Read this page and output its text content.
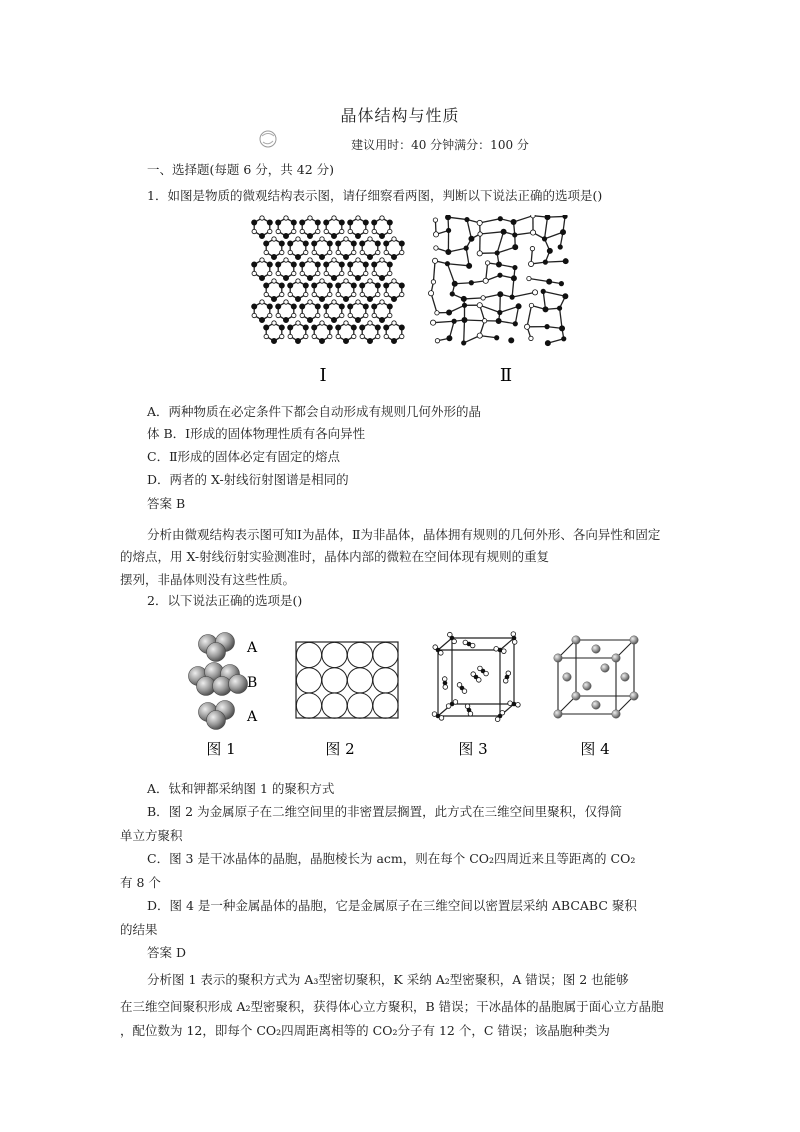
晶体结构与性质
建议用时：40 分钟满分：100 分
一、选择题(每题 6 分，共 42 分)
1．如图是物质的微观结构表示图，请仔细察看两图，判断以下说法正确的选项是()
Ⅰ	Ⅱ
A．两种物质在必定条件下都会自动形成有规则几何外形的晶
体 B．Ⅰ形成的固体物理性质有各向异性
C．Ⅱ形成的固体必定有固定的熔点
D．两者的 X-射线衍射图谱是相同的
答案 B
分析由微观结构表示图可知Ⅰ为晶体，Ⅱ为非晶体，晶体拥有规则的几何外形、各向异性和固定
的熔点，用 X-射线衍射实验测准时，晶体内部的微粒在空间体现有规则的重复
摆列，非晶体则没有这些性质。
2．以下说法正确的选项是()
A
B
A
图 1	图 2	图 3	图 4
A．钛和钾都采纳图 1 的聚积方式
B．图 2 为金属原子在二维空间里的非密置层搁置，此方式在三维空间里聚积，仅得简
单立方聚积
C．图 3 是干冰晶体的晶胞，晶胞棱长为 acm，则在每个 CO₂四周近来且等距离的 CO₂
有 8 个
D．图 4 是一种金属晶体的晶胞，它是金属原子在三维空间以密置层采纳 ABCABC 聚积
的结果
答案 D
分析图 1 表示的聚积方式为 A₃型密切聚积，K 采纳 A₂型密聚积，A 错误；图 2 也能够
在三维空间聚积形成 A₂型密聚积，获得体心立方聚积，B 错误；干冰晶体的晶胞属于面心立方晶胞
，配位数为 12，即每个 CO₂四周距离相等的 CO₂分子有 12 个，C 错误；该晶胞种类为
